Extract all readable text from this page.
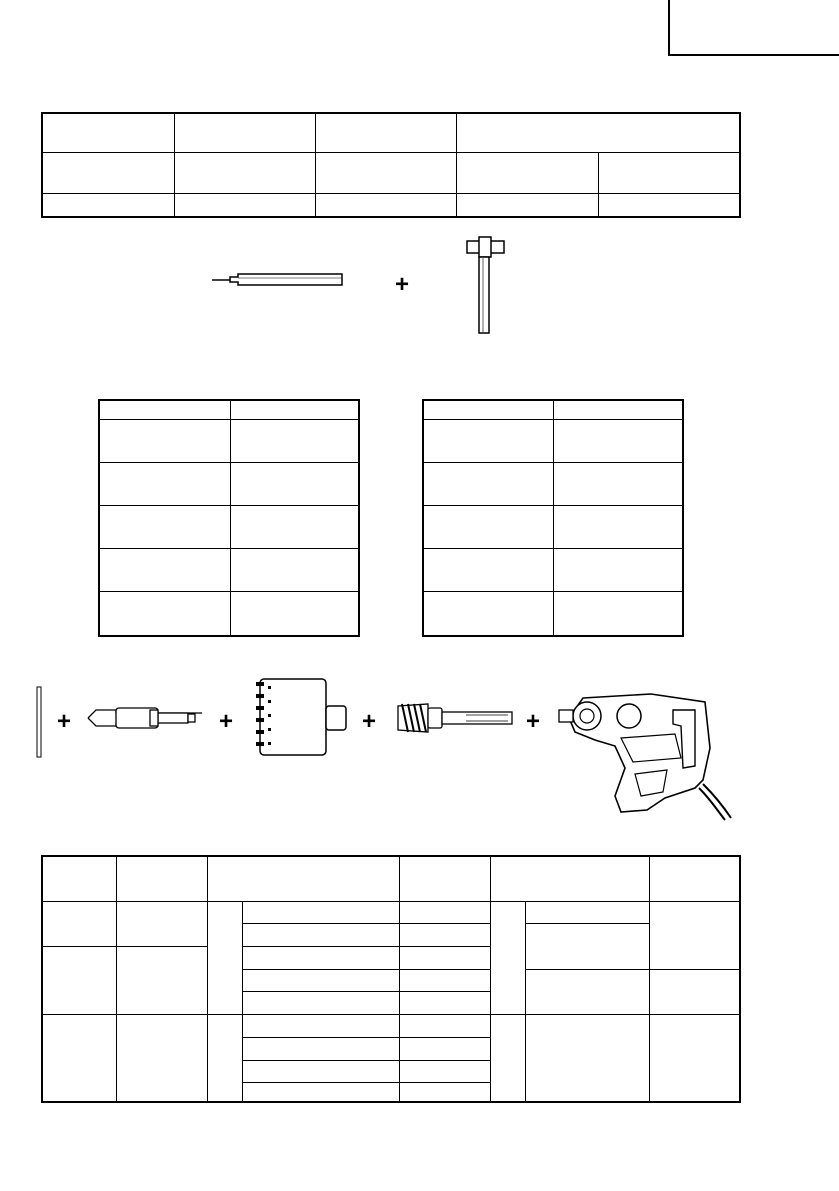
+

+	+	+	+
